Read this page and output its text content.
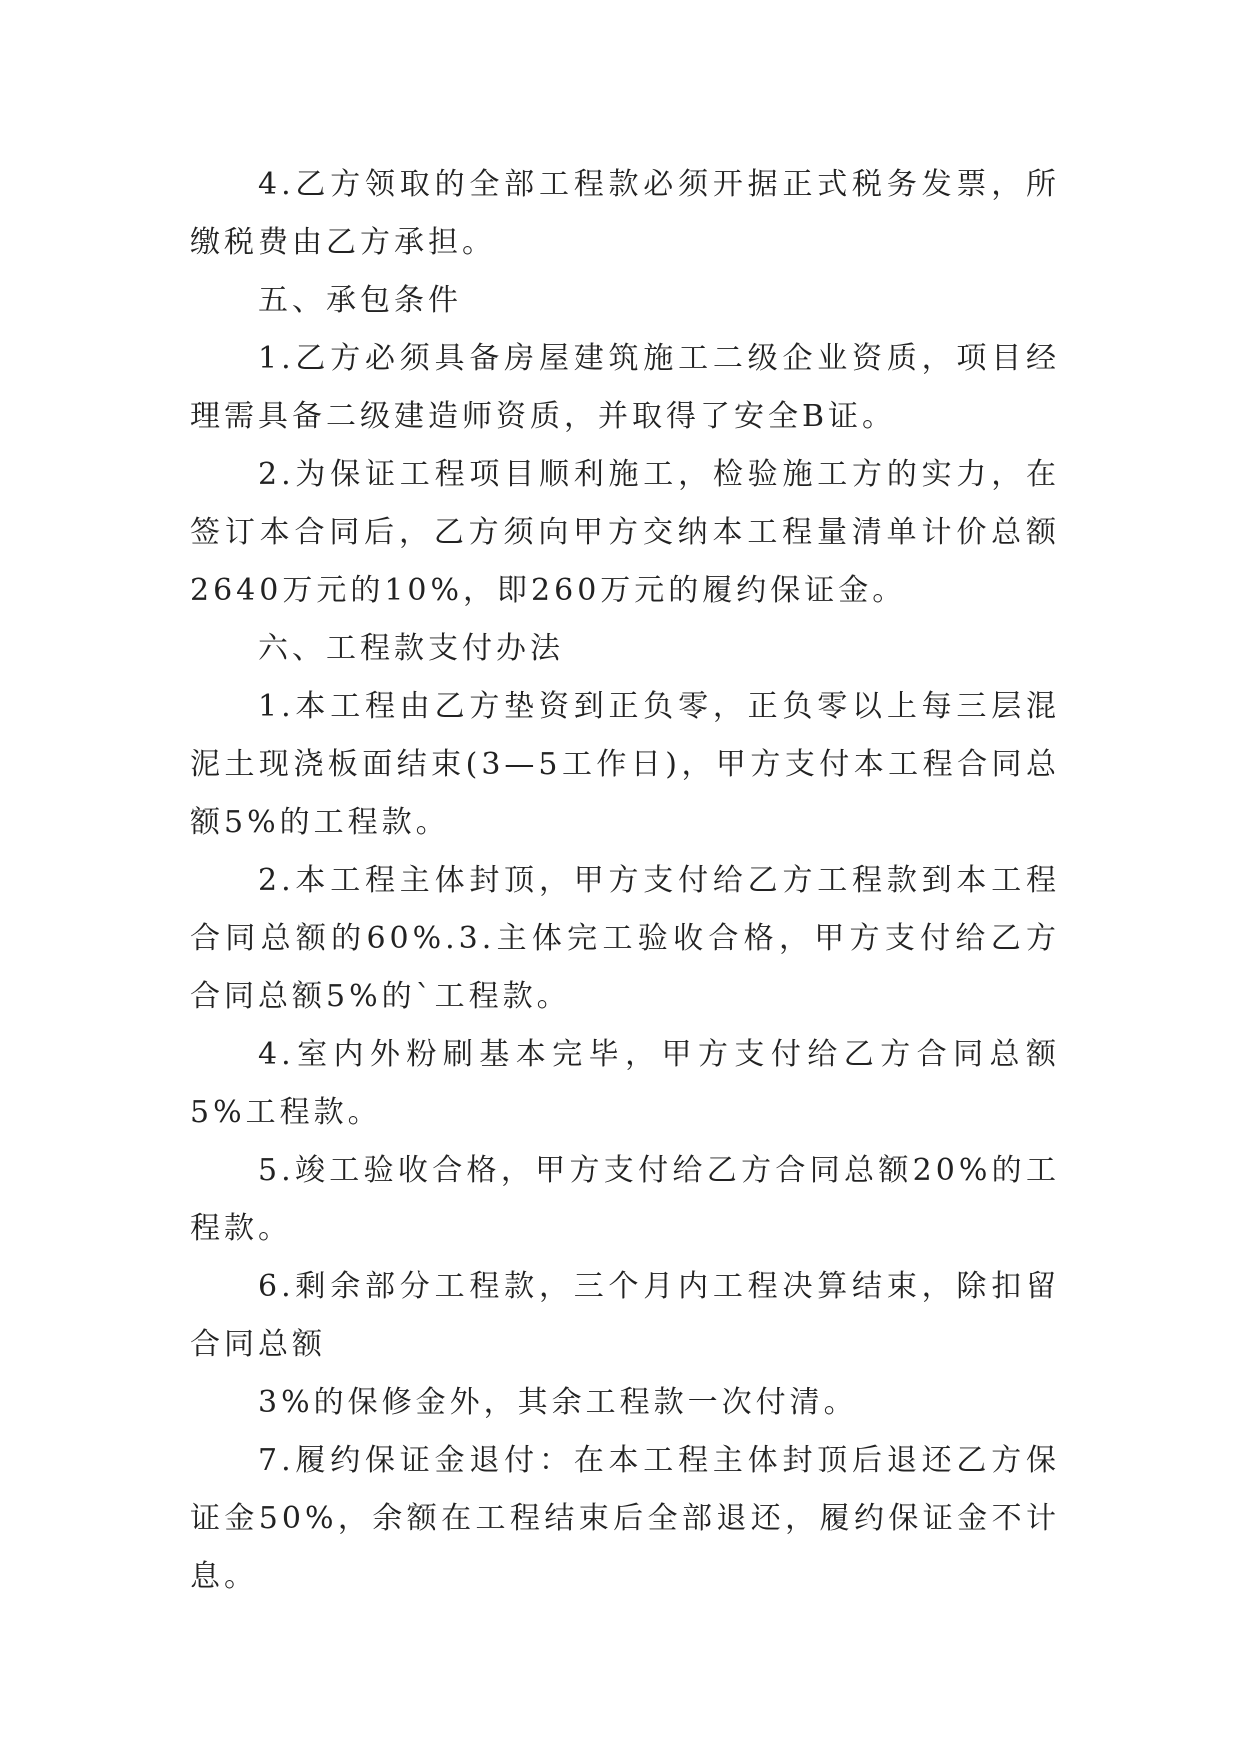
4.乙方领取的全部工程款必须开据正式税务发票，所缴税费由乙方承担。

五、承包条件

1.乙方必须具备房屋建筑施工二级企业资质，项目经理需具备二级建造师资质，并取得了安全B证。

2.为保证工程项目顺利施工，检验施工方的实力，在签订本合同后，乙方须向甲方交纳本工程量清单计价总额2640万元的10%，即260万元的履约保证金。

六、工程款支付办法

1.本工程由乙方垫资到正负零，正负零以上每三层混泥土现浇板面结束(3—5工作日)，甲方支付本工程合同总额5%的工程款。

2.本工程主体封顶，甲方支付给乙方工程款到本工程合同总额的60%.3.主体完工验收合格，甲方支付给乙方合同总额5%的`工程款。

4.室内外粉刷基本完毕，甲方支付给乙方合同总额5%工程款。

5.竣工验收合格，甲方支付给乙方合同总额20%的工程款。

6.剩余部分工程款，三个月内工程决算结束，除扣留合同总额

3%的保修金外，其余工程款一次付清。

7.履约保证金退付：在本工程主体封顶后退还乙方保证金50%，余额在工程结束后全部退还，履约保证金不计息。
